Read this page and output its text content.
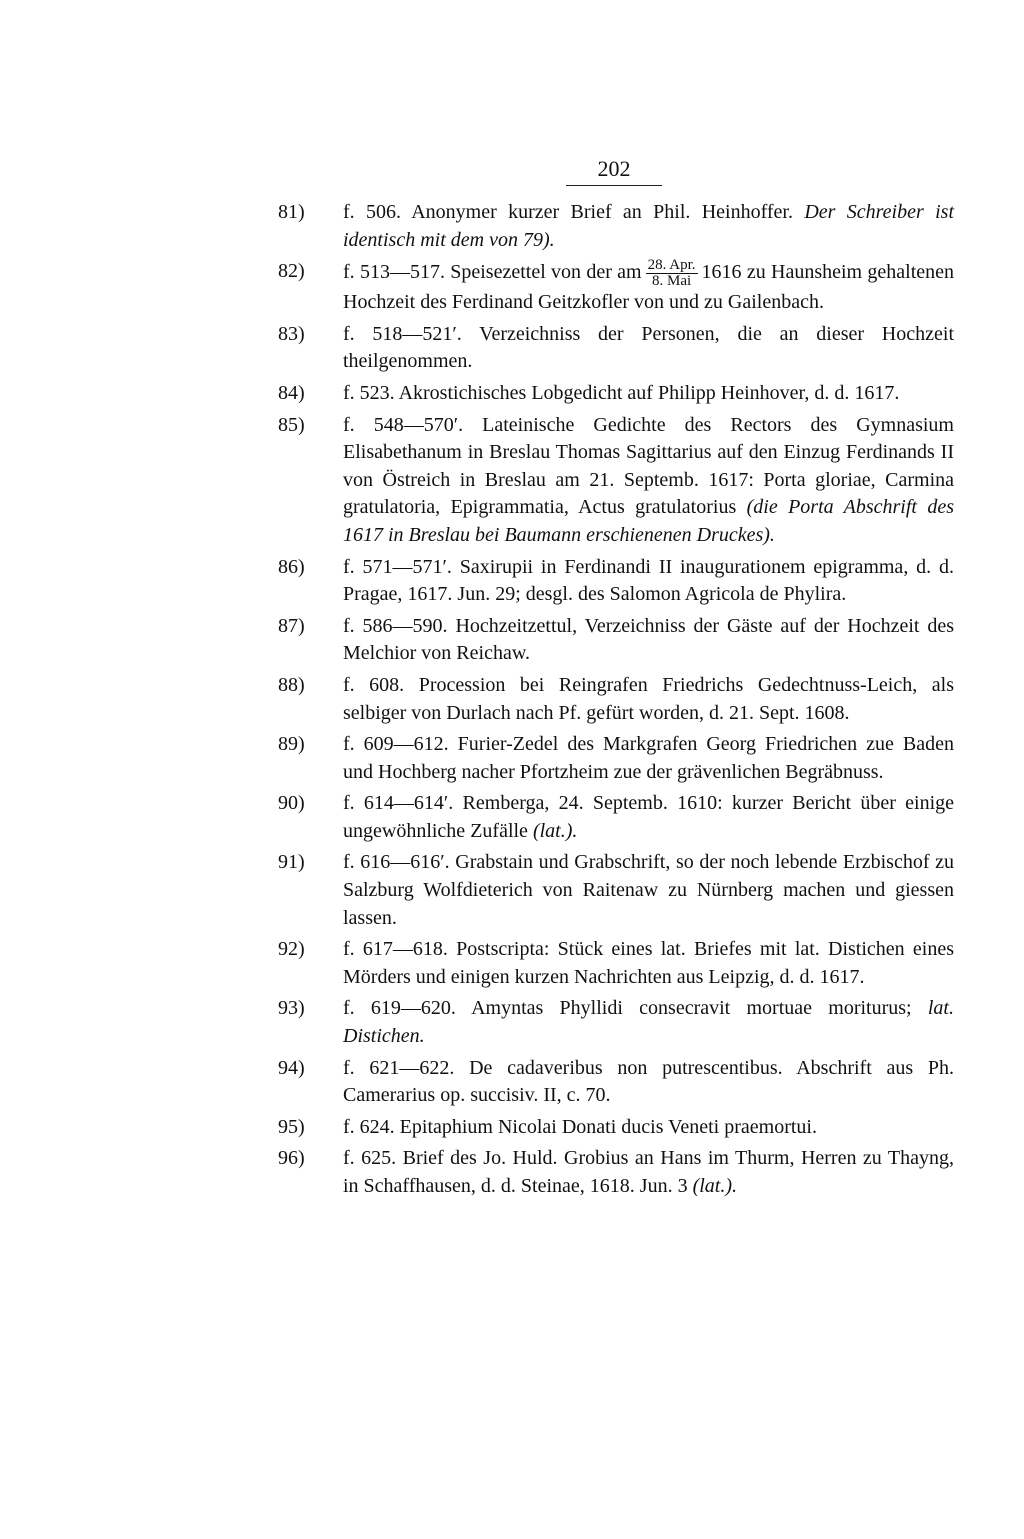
202
81) f. 506. Anonymer kurzer Brief an Phil. Heinhoffer. Der Schreiber ist identisch mit dem von 79).
82) f. 513—517. Speisezettel von der am $\frac{\text{28. Apr.}}{\text{8. Mai}} 1616$ zu Haunsheim gehaltenen Hochzeit des Ferdinand Geitzkofler von und zu Gailenbach.
83) f. 518—521′. Verzeichniss der Personen, die an dieser Hochzeit theilgenommen.
84) f. 523. Akrostichisches Lobgedicht auf Philipp Heinhover, d. d. 1617.
85) f. 548—570′. Lateinische Gedichte des Rectors des Gymnasium Elisabethanum in Breslau Thomas Sagittarius auf den Einzug Ferdinands II von Östreich in Breslau am 21. Septemb. 1617: Porta gloriae, Carmina gratulatoria, Epigrammatia, Actus gratulatorius (die Porta Abschrift des 1617 in Breslau bei Baumann erschienenen Druckes).
86) f. 571—571′. Saxirupii in Ferdinandi II inaugurationem epigramma, d. d. Pragae, 1617. Jun. 29; desgl. des Salomon Agricola de Phylira.
87) f. 586—590. Hochzeitzettul, Verzeichniss der Gäste auf der Hochzeit des Melchior von Reichaw.
88) f. 608. Procession bei Reingrafen Friedrichs Gedechtnuss-Leich, als selbiger von Durlach nach Pf. gefürt worden, d. 21. Sept. 1608.
89) f. 609—612. Furier-Zedel des Markgrafen Georg Friedrichen zue Baden und Hochberg nacher Pfortzheim zue der grävenlichen Begräbnuss.
90) f. 614—614′. Remberga, 24. Septemb. 1610: kurzer Bericht über einige ungewöhnliche Zufälle (lat.).
91) f. 616—616′. Grabstain und Grabschrift, so der noch lebende Erzbischof zu Salzburg Wolfdieterich von Raitenaw zu Nürnberg machen und giessen lassen.
92) f. 617—618. Postscripta: Stück eines lat. Briefes mit lat. Distichen eines Mörders und einigen kurzen Nachrichten aus Leipzig, d. d. 1617.
93) f. 619—620. Amyntas Phyllidi consecravit mortuae moriturus; lat. Distichen.
94) f. 621—622. De cadaveribus non putrescentibus. Abschrift aus Ph. Camerarius op. succisiv. II, c. 70.
95) f. 624. Epitaphium Nicolai Donati ducis Veneti praemortui.
96) f. 625. Brief des Jo. Huld. Grobius an Hans im Thurm, Herren zu Thayng, in Schaffhausen, d. d. Steinae, 1618. Jun. 3 (lat.).
